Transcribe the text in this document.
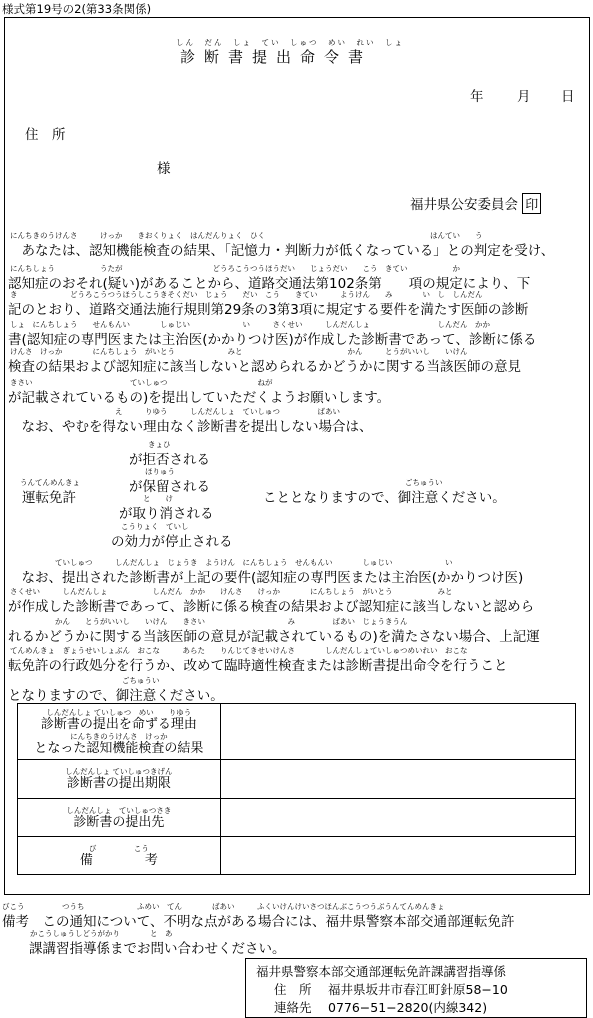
様式第19号の2(第33条関係)
しん　だん　しょ　てい　しゅつ　めい　れい　しょ
診断書提出命令書
年 月 日
住　所
様
福井県公安委員会 印
にんちきのうけんさ　　　けっか　　きおくりょく　はんだんりょく　ひく　　　　　　　　　　　　　　　　　　　　　　はんてい　　う
　あなたは、認知機能検査の結果、「記憶力・判断力が低くなっている」との判定を受け、
にんちしょう　　　　　　うたが　　　　　　　　　　　　どうろこうつうほうだい　　じょうだい　　こう　きてい　　　　　　か
認知症のおそれ(疑い)があることから、道路交通法第102条第　　項の規定により、下
き　　　　　　　どうろこうつうほうしこうきそくだい　じょう　　だい　こう　　きてい　　　ようけん　　み　　　　い　し　しんだん
記のとおり、道路交通法施行規則第29条の3第3項に規定する要件を満たす医師の診断
しょ　にんちしょう　　せんもんい　　　　しゅじい　　　　　　　い　　　さくせい　　　しんだんしょ　　　　　　　　　しんだん　かか
書(認知症の専門医または主治医(かかりつけ医)が作成した診断書であって、診断に係る
けんさ　けっか　　　　にんちしょう　がいとう　　　　　　　みと　　　　　　　　　　　　　　かん　　　とうがいいし　　いけん
検査の結果および認知症に該当しないと認められるかどうかに関する当該医師の意見
きさい　　　　　　　　　　　　　ていしゅつ　　　　　　　　　　　　ねが
が記載されているもの)を提出していただくようお願いします。
え　　　りゆう　　　しんだんしょ　ていしゅつ　　　　　ばあい
　なお、やむを得ない理由なく診断書を提出しない場合は、
きょひ
が拒否される
ほりゅう
が保留される
うんてんめんきょ
運転免許
ごちゅうい
こととなりますので、御注意ください。
と　　け
が取り消される
こうりょく　ていし
の効力が停止される
ていしゅつ　　　しんだんしょ　じょうき　ようけん　にんちしょう　せんもんい　　　　しゅじい　　　　　　　い
　なお、提出された診断書が上記の要件(認知症の専門医または主治医(かかりつけ医)
さくせい　　　しんだんしょ　　　　　　しんだん　かか　　けんさ　　けっか　　　　にんちしょう　がいとう　　　　　　みと
が作成した診断書であって、診断に係る検査の結果および認知症に該当しないと認めら
　　　　　　かん　　とうがいいし　　いけん　　きさい　　　　　　　　　　　み　　　　　ばあい　じょうきうん
れるかどうかに関する当該医師の意見が記載されているもの)を満たさない場合、上記運
てんめんきょ　ぎょうせいしょぶん　おこな　　　あらた　　りんじてきせいけんさ　　　　しんだんしょていしゅつめいれい　おこな
転免許の行政処分を行うか、改めて臨時適性検査または診断書提出命令を行うこと
ごちゅうい
となりますので、御注意ください。
しんだんしょ ていしゅつ　めい　　りゆう
診断書の提出を命ずる理由
にんちきのうけんさ　けっか
となった認知機能検査の結果	

しんだんしょ ていしゅつきげん
診断書の提出期限	

しんだんしょ　ていしゅつさき
診断書の提出先	

び　　　　　こう
備　　　　考	

びこう　　　　　つうち　　　　　　　ふめい　てん　　　　ばあい　　　ふくいけんけいさつほんぶこうつうぶうんてんめんきょ
備考　この通知について、不明な点がある場合には、福井県警察本部交通部運転免許
かこうしゅうしどうがかり　　　　と　あ
　　課講習指導係までお問い合わせください。
福井県警察本部交通部運転免許課講習指導係
住　所 福井県坂井市春江町針原58−10
連絡先 0776−51−2820(内線342)
